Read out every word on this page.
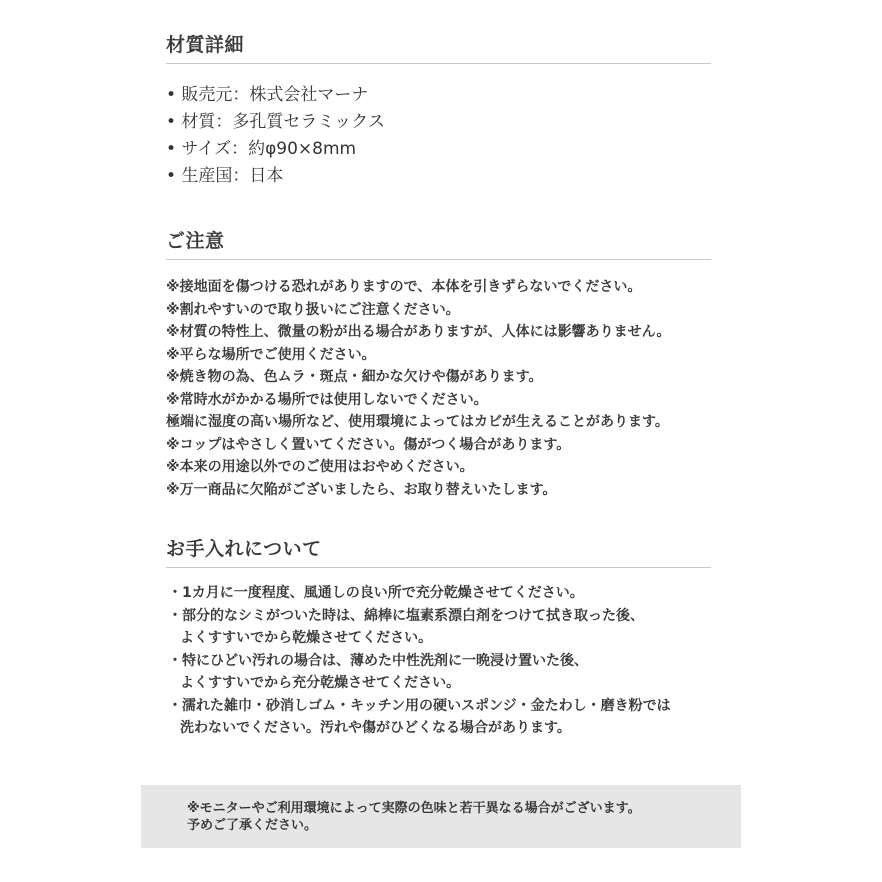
材質詳細
• 販売元：株式会社マーナ
• 材質：多孔質セラミックス
• サイズ：約φ90×8mm
• 生産国：日本
ご注意
※接地面を傷つける恐れがありますので、本体を引きずらないでください。
※割れやすいので取り扱いにご注意ください。
※材質の特性上、微量の粉が出る場合がありますが、人体には影響ありません。
※平らな場所でご使用ください。
※焼き物の為、色ムラ・斑点・細かな欠けや傷があります。
※常時水がかかる場所では使用しないでください。
極端に湿度の高い場所など、使用環境によってはカビが生えることがあります。
※コップはやさしく置いてください。傷がつく場合があります。
※本来の用途以外でのご使用はおやめください。
※万一商品に欠陥がございましたら、お取り替えいたします。
お手入れについて
・1カ月に一度程度、風通しの良い所で充分乾燥させてください。
・部分的なシミがついた時は、綿棒に塩素系漂白剤をつけて拭き取った後、
よくすすいでから乾燥させてください。
・特にひどい汚れの場合は、薄めた中性洗剤に一晩浸け置いた後、
よくすすいでから充分乾燥させてください。
・濡れた雑巾・砂消しゴム・キッチン用の硬いスポンジ・金たわし・磨き粉では
洗わないでください。汚れや傷がひどくなる場合があります。
※モニターやご利用環境によって実際の色味と若干異なる場合がございます。
予めご了承ください。
